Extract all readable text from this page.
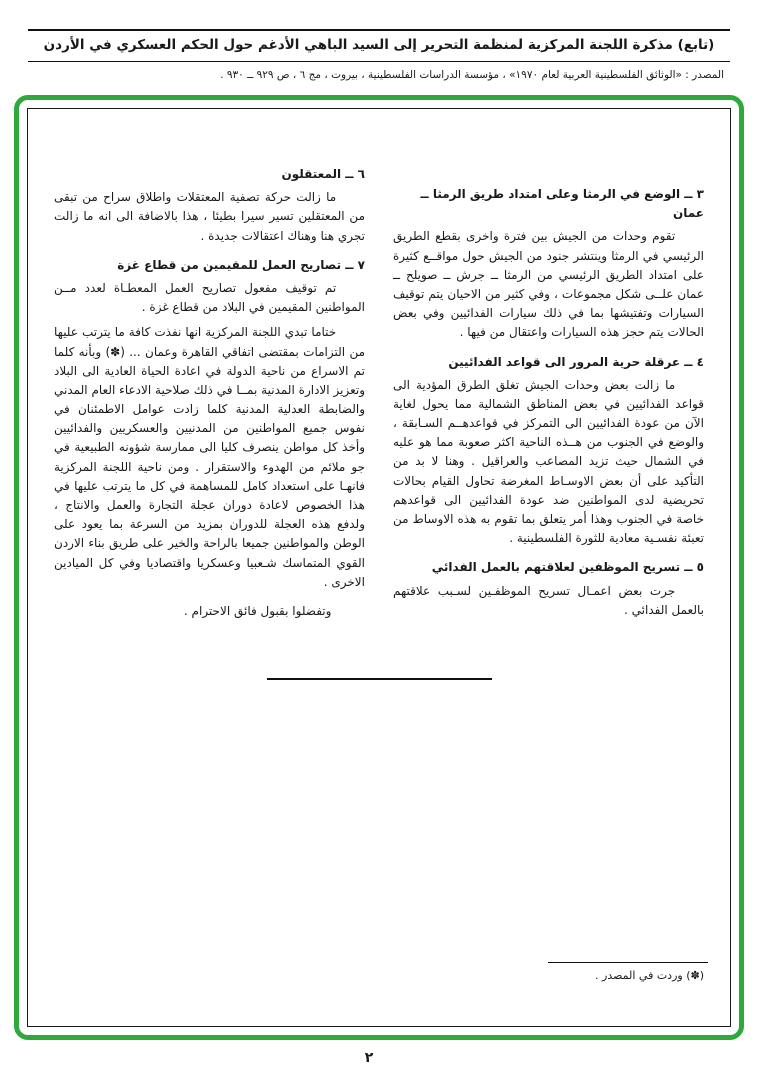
(تابع) مذكرة اللجنة المركزية لمنظمة التحرير إلى السيد الباهي الأدغم حول الحكم العسكري في الأردن
المصدر : «الوثائق الفلسطينية العربية لعام ١٩٧٠» ، مؤسسة الدراسات الفلسطينية ، بيروت ، مج ٦ ، ص ٩٢٩ ــ ٩٣٠ .
٣ ــ الوضع في الرمثا وعلى امتداد طريق الرمثا ــ عمان

تقوم وحدات من الجيش بين فترة واخرى بقطع الطريق الرئيسي في الرمثا وينتشر جنود من الجيش حول مواقــع كثيرة على امتداد الطريق الرئيسي من الرمثا ــ جرش ــ صويلح ــ عمان علــى شكل مجموعات ، وفي كثير من الاحيان يتم توقيف السيارات وتفتيشها بما في ذلك سيارات الفدائيين وفي بعض الحالات يتم حجز هذه السيارات واعتقال من فيها .

٤ ــ عرقلة حرية المرور الى قواعد الفدائيين

ما زالت بعض وحدات الجيش تغلق الطرق المؤدية الى قواعد الفدائيين في بعض المناطق الشمالية مما يحول لغاية الآن من عودة الفدائيين الى التمركز في قواعدهــم السـابقة ، والوضع في الجنوب من هــذه الناحية اكثر صعوبة مما هو عليه في الشمال حيث تزيد المصاعب والعراقيل . وهنا لا بد من التأكيد على أن بعض الاوسـاط المغرضة تحاول القيام بحالات تحريضية لدى المواطنين ضد عودة الفدائيين الى قواعدهم خاصة في الجنوب وهذا أمر يتعلق بما تقوم به هذه الاوساط من تعبئة نفسـية معادية للثورة الفلسطينية .

٥ ــ تسريح الموظفين لعلاقتهم بالعمل الفدائي

جرت بعض اعمـال تسريح الموظفـين لسـبب علاقتهم بالعمل الفدائي .

٦ ــ المعتقلون

ما زالت حركة تصفية المعتقلات واطلاق سراح من تبقى من المعتقلين تسير سيرا بطيئا ، هذا بالاضافة الى انه ما زالت تجري هنا وهناك اعتقالات جديدة .

٧ ــ تصاريح العمل للمقيمين من قطاع غزة

تم توقيف مفعول تصاريح العمل المعطـاة لعدد مــن المواطنين المقيمين في البلاد من قطاع غزة .

ختاما تبدي اللجنة المركزية انها نفذت كافة ما يترتب عليها من التزامات بمقتضى اتفاقي القاهرة وعمان ... (✽) وبأنه كلما تم الاسراع من ناحية الدولة في اعادة الحياة العادية الى البلاد وتعزيز الادارة المدنية بمــا في ذلك صلاحية الادعاء العام المدني والضابطة العدلية المدنية كلما زادت عوامل الاطمئنان في نفوس جميع المواطنين من المدنيين والعسكريين والفدائيين وأخذ كل مواطن ينصرف كليا الى ممارسة شؤونه الطبيعية في جو ملائم من الهدوء والاستقرار . ومن ناحية اللجنة المركزية فانهـا على استعداد كامل للمساهمة في كل ما يترتب عليها في هذا الخصوص لاعادة دوران عجلة التجارة والعمل والانتاج ، ولدفع هذه العجلة للدوران بمزيد من السرعة بما يعود على الوطن والمواطنين جميعا بالراحة والخير على طريق بناء الاردن القوي المتماسك شـعبيا وعسكريا واقتصاديا وفي كل الميادين الاخرى .

وتفضلوا بقبول فائق الاحترام .

(✽) وردت في المصدر .
٢
